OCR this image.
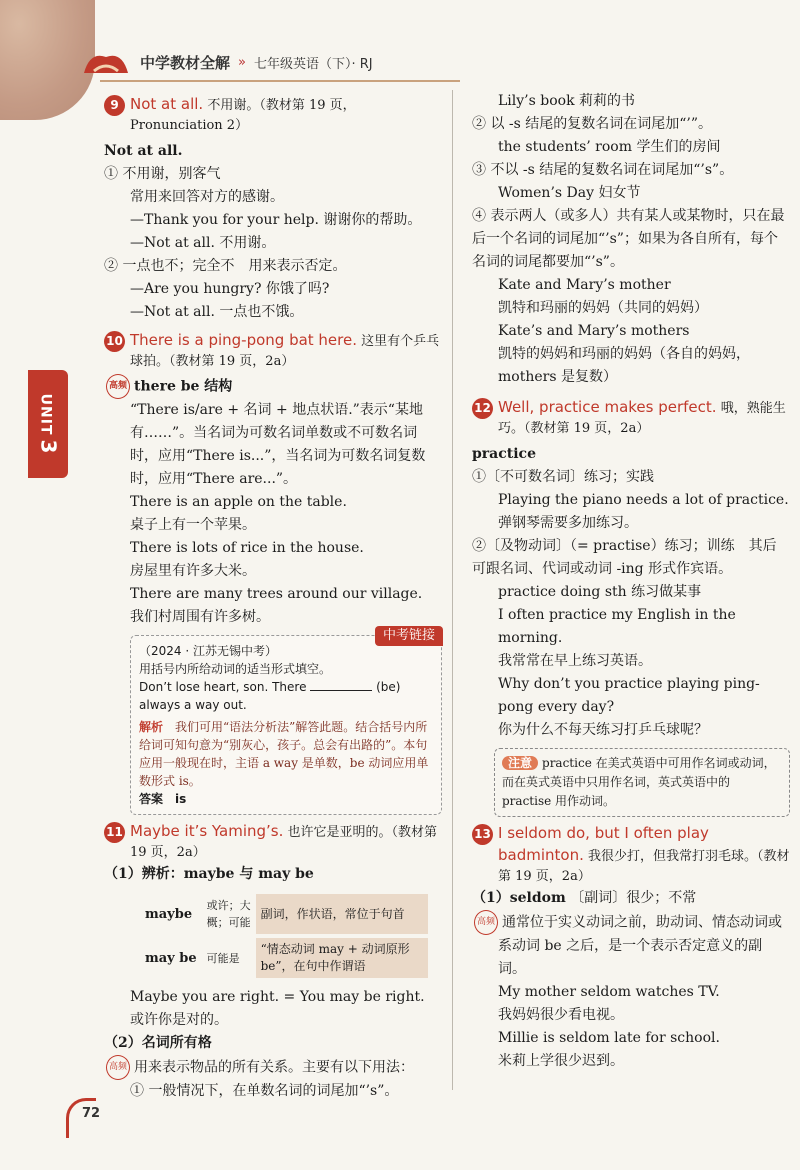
中学教材全解 » 七年级英语（下）· RJ
UNIT3
9 Not at all. 不用谢。（教材第 19 页，Pronunciation 2）
Not at all.
① 不用谢，别客气
常用来回答对方的感谢。
—Thank you for your help. 谢谢你的帮助。
—Not at all. 不用谢。
② 一点也不；完全不　用来表示否定。
—Are you hungry? 你饿了吗?
—Not at all. 一点也不饿。
10 There is a ping-pong bat here. 这里有个乒乓球拍。（教材第 19 页，2a）
高频 there be 结构
“There is/are + 名词 + 地点状语.”表示“某地有……”。当名词为可数名词单数或不可数名词时，应用“There is...”，当名词为可数名词复数时，应用“There are...”。
There is an apple on the table.
桌子上有一个苹果。
There is lots of rice in the house.
房屋里有许多大米。
There are many trees around our village.
我们村周围有许多树。
中考链接
（2024 · 江苏无锡中考）
用括号内所给动词的适当形式填空。
Don’t lose heart, son. There	(be)
always a way out.
解析　 我们可用“语法分析法”解答此题。结合括号内所给词可知句意为“别灰心，孩子。总会有出路的”。本句应用一般现在时，主语 a way 是单数，be 动词应用单数形式 is。
答案　 is
11 Maybe it’s Yaming’s. 也许它是亚明的。（教材第 19 页，2a）
（1）辨析：maybe 与 may be
maybe	或许；大概；可能	副词，作状语，常位于句首
may be	可能是	“情态动词 may + 动词原形 be”，在句中作谓语
Maybe you are right. = You may be right.
或许你是对的。
（2）名词所有格
高频 用来表示物品的所有关系。主要有以下用法：
① 一般情况下，在单数名词的词尾加“’s”。
Lily’s book 莉莉的书
② 以 -s 结尾的复数名词在词尾加“’”。
the students’ room 学生们的房间
③ 不以 -s 结尾的复数名词在词尾加“’s”。
Women’s Day 妇女节
④ 表示两人（或多人）共有某人或某物时，只在最后一个名词的词尾加“’s”；如果为各自所有，每个名词的词尾都要加“’s”。
Kate and Mary’s mother
凯特和玛丽的妈妈（共同的妈妈）
Kate’s and Mary’s mothers
凯特的妈妈和玛丽的妈妈（各自的妈妈，mothers 是复数）
12 Well, practice makes perfect. 哦，熟能生巧。（教材第 19 页，2a）
practice
①〔不可数名词〕练习；实践
Playing the piano needs a lot of practice.
弹钢琴需要多加练习。
②〔及物动词〕（= practise）练习；训练　其后可跟名词、代词或动词 -ing 形式作宾语。
practice doing sth 练习做某事
I often practice my English in the morning.
我常常在早上练习英语。
Why don’t you practice playing ping-pong every day?
你为什么不每天练习打乒乓球呢？
注意 practice 在美式英语中可用作名词或动词，而在英式英语中只用作名词，英式英语中的 practise 用作动词。
13 I seldom do, but I often play badminton. 我很少打，但我常打羽毛球。（教材第 19 页，2a）
（1）seldom 〔副词〕很少；不常
高频 通常位于实义动词之前，助动词、情态动词或系动词 be 之后，是一个表示否定意义的副词。
My mother seldom watches TV.
我妈妈很少看电视。
Millie is seldom late for school.
米莉上学很少迟到。
72
